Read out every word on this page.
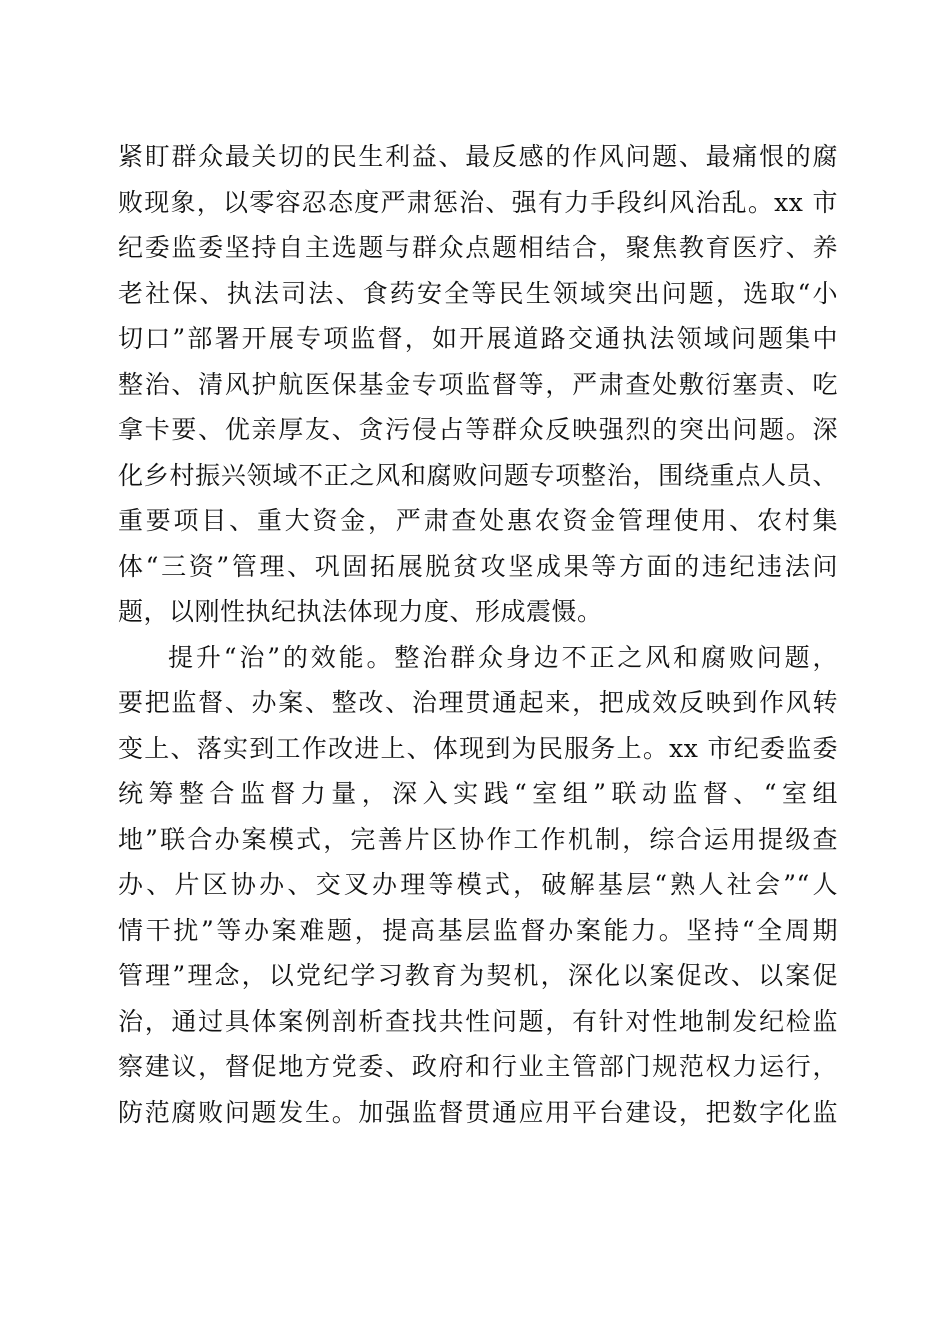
紧盯群众最关切的民生利益、最反感的作风问题、最痛恨的腐
败现象，以零容忍态度严肃惩治、强有力手段纠风治乱。xx 市
纪委监委坚持自主选题与群众点题相结合，聚焦教育医疗、养
老社保、执法司法、食药安全等民生领域突出问题，选取“小
切口”部署开展专项监督，如开展道路交通执法领域问题集中
整治、清风护航医保基金专项监督等，严肃查处敷衍塞责、吃
拿卡要、优亲厚友、贪污侵占等群众反映强烈的突出问题。深
化乡村振兴领域不正之风和腐败问题专项整治，围绕重点人员、
重要项目、重大资金，严肃查处惠农资金管理使用、农村集
体“三资”管理、巩固拓展脱贫攻坚成果等方面的违纪违法问
题，以刚性执纪执法体现力度、形成震慑。
提升“治”的效能。整治群众身边不正之风和腐败问题，
要把监督、办案、整改、治理贯通起来，把成效反映到作风转
变上、落实到工作改进上、体现到为民服务上。xx 市纪委监委
统筹整合监督力量，深入实践“室组”联动监督、“室组
地”联合办案模式，完善片区协作工作机制，综合运用提级查
办、片区协办、交叉办理等模式，破解基层“熟人社会”“人
情干扰”等办案难题，提高基层监督办案能力。坚持“全周期
管理”理念，以党纪学习教育为契机，深化以案促改、以案促
治，通过具体案例剖析查找共性问题，有针对性地制发纪检监
察建议，督促地方党委、政府和行业主管部门规范权力运行，
防范腐败问题发生。加强监督贯通应用平台建设，把数字化监
